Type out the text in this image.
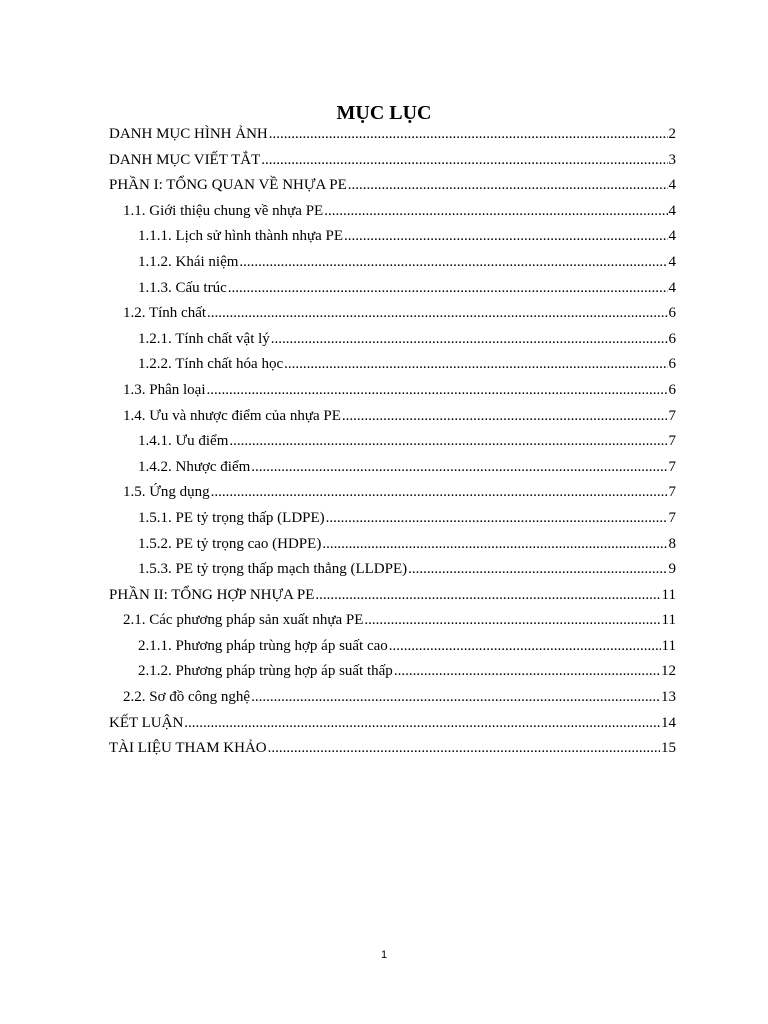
MỤC LỤC
DANH MỤC HÌNH ẢNH .....	2
DANH MỤC VIẾT TẮT .....	3
PHẦN I: TỔNG QUAN VỀ NHỰA PE .....	4
1.1. Giới thiệu chung về nhựa PE .....	4
1.1.1. Lịch sử hình thành nhựa PE .....	4
1.1.2. Khái niệm .....	4
1.1.3. Cấu trúc .....	4
1.2. Tính chất .....	6
1.2.1. Tính chất vật lý .....	6
1.2.2. Tính chất hóa học .....	6
1.3. Phân loại .....	6
1.4. Ưu và nhược điểm của nhựa PE .....	7
1.4.1. Ưu điểm .....	7
1.4.2. Nhược điểm .....	7
1.5. Ứng dụng .....	7
1.5.1. PE tỷ trọng thấp (LDPE) .....	7
1.5.2. PE tỷ trọng cao (HDPE) .....	8
1.5.3. PE tỷ trọng thấp mạch thẳng (LLDPE) .....	9
PHẦN II: TỔNG HỢP NHỰA PE .....	11
2.1. Các phương pháp sản xuất nhựa PE .....	11
2.1.1. Phương pháp trùng hợp áp suất cao .....	11
2.1.2. Phương pháp trùng hợp áp suất thấp .....	12
2.2. Sơ đồ công nghệ .....	13
KẾT LUẬN .....	14
TÀI LIỆU THAM KHẢO .....	15

1
